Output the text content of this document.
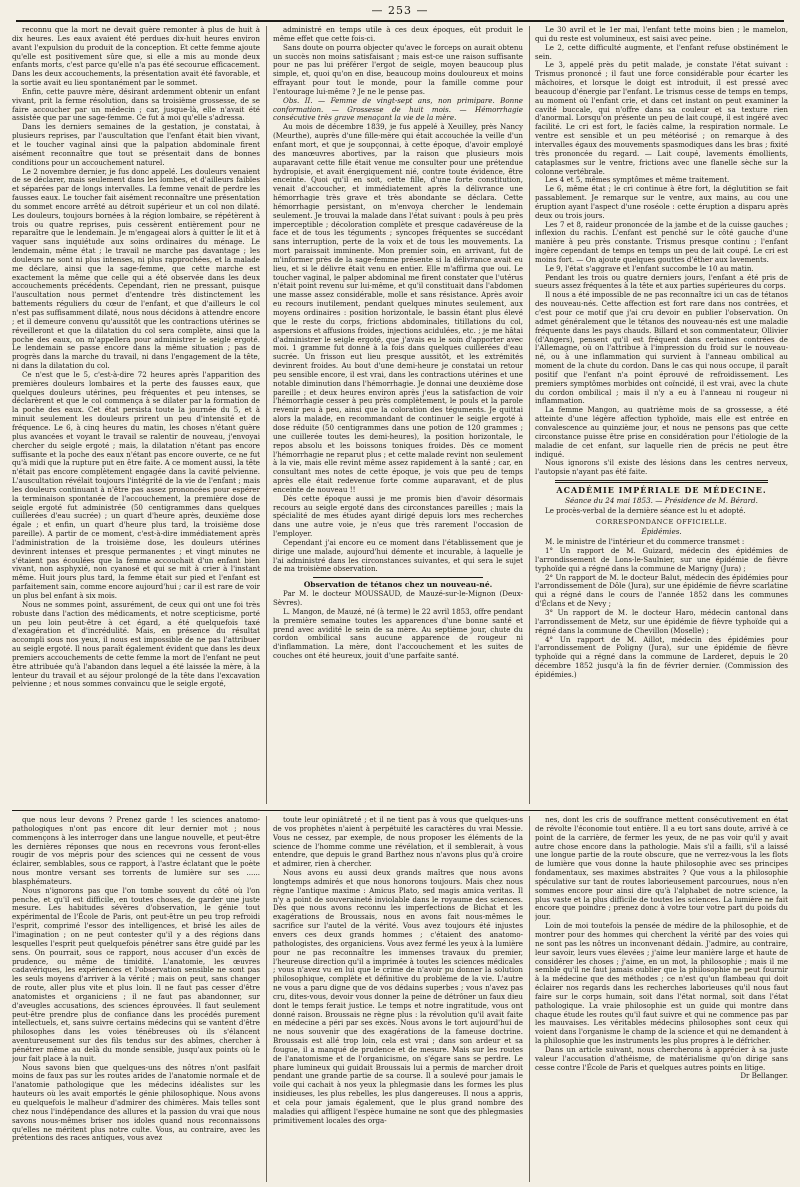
— 253 —

reconnu que la mort ne devait guère remonter à plus de huit à dix heures. Les eaux avaient été perdues dix-huit heures environ avant l'expulsion du produit de la conception. Et cette femme ajoute qu'elle est positivement sûre que, si elle a mis au monde deux enfants morts, c'est parce qu'elle n'a pas été secourue efficacement. Dans les deux accouchements, la présentation avait été favorable, et la sortie avait eu lieu spontanément par le sommet.

Enfin, cette pauvre mère, désirant ardemment obtenir un enfant vivant, prit la ferme résolution, dans sa troisième grossesse, de se faire accoucher par un médecin ; car, jusque-là, elle n'avait été assistée que par une sage-femme. Ce fut à moi qu'elle s'adressa.

Dans les derniers semaines de la gestation, je constatai, à plusieurs reprises, par l'auscultation que l'enfant était bien vivant, et le toucher vaginal ainsi que la palpation abdominale firent aisément reconnaître que tout se présentait dans de bonnes conditions pour un accouchement naturel.

Le 2 novembre dernier, je fus donc appelé. Les douleurs venaient de se déclarer, mais seulement dans les lombes, et d'ailleurs faibles et séparées par de longs intervalles. La femme venait de perdre les fausses eaux. Le toucher fait aisément reconnaître une présentation du sommet encore arrêté au détroit supérieur et un col non dilaté. Les douleurs, toujours bornées à la région lombaire, se répétèrent à trois ou quatre reprises, puis cessèrent entièrement pour ne reparaître que le lendemain. Je m'engageai alors à quitter le lit et à vaquer sans inquiétude aux soins ordinaires du ménage. Le lendemain, même état ; le travail ne marche pas davantage ; les douleurs ne sont ni plus intenses, ni plus rapprochées, et la malade me déclare, ainsi que la sage-femme, que cette marche est exactement la même que celle qui a été observée dans les deux accouchements précédents. Cependant, rien ne pressant, puisque l'auscultation nous permet d'entendre très distinctement les battements réguliers du cœur de l'enfant, et que d'ailleurs le col n'est pas suffisamment dilaté, nous nous décidons à attendre encore ; et il demeure convenu qu'aussitôt que les contractions utérines se réveilleront et que la dilatation du col sera complète, ainsi que la poche des eaux, on m'appellera pour administrer le seigle ergoté. Le lendemain se passe encore dans la même situation ; pas de progrès dans la marche du travail, ni dans l'engagement de la tête, ni dans la dilatation du col.

Ce n'est que le 5, c'est-à-dire 72 heures après l'apparition des premières douleurs lombaires et la perte des fausses eaux, que quelques douleurs utérines, peu fréquentes et peu intenses, se déclarèrent et que le col commença à se dilater par la formation de la poche des eaux. Cet état persista toute la journée du 5, et à minuit seulement les douleurs prirent un peu d'intensité et de fréquence. Le 6, à cinq heures du matin, les choses n'étant guère plus avancées et voyant le travail se ralentir de nouveau, j'envoyai chercher du seigle ergoté ; mais, la dilatation n'étant pas encore suffisante et la poche des eaux n'étant pas encore ouverte, ce ne fut qu'à midi que la rupture put en être faite. A ce moment aussi, la tête n'était pas encore complètement engagée dans la cavité pelvienne. L'auscultation révélait toujours l'intégrité de la vie de l'enfant ; mais les douleurs continuant à n'être pas assez prononcées pour espérer la terminaison spontanée de l'accouchement, la première dose de seigle ergoté fut administrée (50 centigrammes dans quelques cuillerées d'eau sucrée) ; un quart d'heure après, deuxième dose égale ; et enfin, un quart d'heure plus tard, la troisième dose pareille). A partir de ce moment, c'est-à-dire immédiatement après l'administration de la troisième dose, les douleurs utérines devinrent intenses et presque permanentes ; et vingt minutes ne s'étaient pas écoulées que la femme accouchait d'un enfant bien vivant, non asphyxié, non cyanosé et qui se mit à crier à l'instant même. Huit jours plus tard, la femme était sur pied et l'enfant est parfaitement sain, comme encore aujourd'hui ; car il est rare de voir un plus bel enfant à six mois.

Nous ne sommes point, assurément, de ceux qui ont une foi très robuste dans l'action des médicaments, et notre scepticisme, porté un peu loin peut-être à cet égard, a été quelquefois taxé d'exagération et d'incrédulité. Mais, en présence du résultat accompli sous nos yeux, il nous est impossible de ne pas l'attribuer au seigle ergoté. Il nous paraît également évident que dans les deux premiers accouchements de cette femme la mort de l'enfant ne peut être attribuée qu'à l'abandon dans lequel a été laissée la mère, à la lenteur du travail et au séjour prolongé de la tête dans l'excavation pelvienne ; et nous sommes convaincu que le seigle ergoté,

administré en temps utile à ces deux époques, eût produit le même effet que cette fois-ci.

Sans doute on pourra objecter qu'avec le forceps on aurait obtenu un succès non moins satisfaisant ; mais est-ce une raison suffisante pour ne pas lui préférer l'ergot de seigle, moyen beaucoup plus simple, et, quoi qu'on en dise, beaucoup moins douloureux et moins effrayant pour tout le monde, pour la famille comme pour l'entourage lui-même ? Je ne le pense pas.

Obs. II. — Femme de vingt-sept ans, non primipare. Bonne conformation. — Grossesse de huit mois. — Hémorrhagie consécutive très grave menaçant la vie de la mère.

Au mois de décembre 1839, je fus appelé à Xeuilley, près Nancy (Meurthe), auprès d'une fille-mère qui était accouchée la veille d'un enfant mort, et que je soupçonnai, à cette époque, d'avoir employé des manœuvres abortives, par la raison que plusieurs mois auparavant cette fille était venue me consulter pour une prétendue hydropisie, et avait énergiquement nié, contre toute évidence, être enceinte. Quoi qu'il en soit, cette fille, d'une forte constitution, venait d'accoucher, et immédiatement après la délivrance une hémorrhagie très grave et très abondante se déclara. Cette hémorrhagie persistant, on m'envoya chercher le lendemain seulement. Je trouvai la malade dans l'état suivant : pouls à peu près imperceptible ; décoloration complète et presque cadavéreuse de la face et de tous les téguments ; syncopes fréquentes se succédant sans interruption, perte de la voix et de tous les mouvements. La mort paraissait imminente. Mon premier soin, en arrivant, fut de m'informer près de la sage-femme présente si la délivrance avait eu lieu, et si le délivre était venu en entier. Elle m'affirma que oui. Le toucher vaginal, le palper abdominal me firent constater que l'utérus n'était point revenu sur lui-même, et qu'il constituait dans l'abdomen une masse assez considérable, molle et sans résistance. Après avoir eu recours inutilement, pendant quelques minutes seulement, aux moyens ordinaires : position horizontale, le bassin étant plus élevé que le reste du corps, frictions abdominales, titillations du col, aspersions et affusions froides, injections acidulées, etc. ; je me hâtai d'administrer le seigle ergoté, que j'avais eu le soin d'apporter avec moi. 1 gramme fut donné à la fois dans quelques cuillerées d'eau sucrée. Un frisson eut lieu presque aussitôt, et les extrémités devinrent froides. Au bout d'une demi-heure je constatai un retour peu sensible encore, il est vrai, dans les contractions utérines et une notable diminution dans l'hémorrhagie. Je donnai une deuxième dose pareille ; et deux heures environ après j'eus la satisfaction de voir l'hémorrhagie cesser à peu près complètement, le pouls et la parole revenir peu à peu, ainsi que la coloration des téguments. Je quittai alors la malade, en recommandant de continuer le seigle ergoté à dose réduite (50 centigrammes dans une potion de 120 grammes ; une cuillerée toutes les demi-heures), la position horizontale, le repos absolu et les boissons toniques froides. Dès ce moment l'hémorrhagie ne reparut plus ; et cette malade revint non seulement à la vie, mais elle revint même assez rapidement à la santé ; car, en consultant mes notes de cette époque, je vois que peu de temps après elle était redevenue forte comme auparavant, et de plus enceinte de nouveau !!

Dès cette époque aussi je me promis bien d'avoir désormais recours au seigle ergoté dans des circonstances pareilles ; mais la spécialité de mes études ayant dirigé depuis lors mes recherches dans une autre voie, je n'eus que très rarement l'occasion de l'employer.

Cependant j'ai encore eu ce moment dans l'établissement que je dirige une malade, aujourd'hui démente et incurable, à laquelle je l'ai administré dans les circonstances suivantes, et qui sera le sujet de ma troisième observation.

Observation de tétanos chez un nouveau-né.

Par M. le docteur MOUSSAUD, de Mauzé-sur-le-Mignon (Deux-Sèvres).

L. Mangon, de Mauzé, né (à terme) le 22 avril 1853, offre pendant la première semaine toutes les apparences d'une bonne santé et prend avec avidité le sein de sa mère. Au septième jour, chute du cordon ombilical sans aucune apparence de rougeur ni d'inflammation. La mère, dont l'accouchement et les suites de couches ont été heureux, jouit d'une parfaite santé.

Le 30 avril et le 1er mai, l'enfant tette moins bien ; le mamelon, qui du reste est volumineux, est saisi avec peine.

Le 2, cette difficulté augmente, et l'enfant refuse obstinément le sein.

Le 3, appelé près du petit malade, je constate l'état suivant : Trismus prononcé ; il faut une force considérable pour écarter les mâchoires, et lorsque le doigt est introduit, il est pressé avec beaucoup d'énergie par l'enfant. Le trismus cesse de temps en temps, au moment où l'enfant crie, et dans cet instant on peut examiner la cavité buccale, qui n'offre dans sa couleur et sa texture rien d'anormal. Lorsqu'on présente un peu de lait coupé, il est ingéré avec facilité. Le cri est fort, le faciès calme, la respiration normale. Le ventre est sensible et un peu météorisé ; on remarque à des intervalles égaux des mouvements spasmodiques dans les bras ; fixité très prononcée du regard. — Lait coupé, lavements émollients, cataplasmes sur le ventre, frictions avec une flanelle sèche sur la colonne vertébrale.

Les 4 et 5, mêmes symptômes et même traitement.

Le 6, même état ; le cri continue à être fort, la déglutition se fait passablement. Je remarque sur le ventre, aux mains, au cou une éruption ayant l'aspect d'une roséole : cette éruption a disparu après deux ou trois jours.

Les 7 et 8, raideur prononcée de la jambe et de la cuisse gauches ; inflexion du rachis. L'enfant est penché sur le côté gauche d'une manière à peu près constante. Trismus presque continu ; l'enfant ingère cependant de temps en temps un peu de lait coupé. Le cri est moins fort. — On ajoute quelques gouttes d'éther aux lavements.

Le 9, l'état s'aggrave et l'enfant succombe le 10 au matin.

Pendant les trois ou quatre derniers jours, l'enfant a été pris de sueurs assez fréquentes à la tête et aux parties supérieures du corps.

Il nous a été impossible de ne pas reconnaître ici un cas de tétanos des nouveau-nés. Cette affection est fort rare dans nos contrées, et c'est pour ce motif que j'ai cru devoir en publier l'observation. On admet généralement que le tétanos des nouveau-nés est une maladie fréquente dans les pays chauds. Billard et son commentateur, Ollivier (d'Angers), pensent qu'il est fréquent dans certaines contrées de l'Allemagne, où on l'attribue à l'impression du froid sur le nouveau-né, ou à une inflammation qui survient à l'anneau ombilical au moment de la chute du cordon. Dans le cas qui nous occupe, il paraît positif que l'enfant n'a point éprouvé de refroidissement. Les premiers symptômes morbides ont coïncidé, il est vrai, avec la chute du cordon ombilical ; mais il n'y a eu à l'anneau ni rougeur ni inflammation.

La femme Mangon, au quatrième mois de sa grossesse, a été atteinte d'une légère affection typhoïde, mais elle est entrée en convalescence au quinzième jour, et nous ne pensons pas que cette circonstance puisse être prise en considération pour l'étiologie de la maladie de cet enfant, sur laquelle rien de précis ne peut être indiqué.

Nous ignorons s'il existe des lésions dans les centres nerveux, l'autopsie n'ayant pas été faite.

ACADÉMIE IMPÉRIALE DE MÉDECINE.
Séance du 24 mai 1853. — Présidence de M. Bérard.

Le procès-verbal de la dernière séance est lu et adopté.

CORRESPONDANCE OFFICIELLE.
Épidémies.

M. le ministre de l'intérieur et du commerce transmet :

1° Un rapport de M. Guizard, médecin des épidémies de l'arrondissement de Lons-le-Saulnier, sur une épidémie de fièvre typhoïde qui a régné dans la commune de Marigny (Jura) ;

2° Un rapport de M. le docteur Balut, médecin des épidémies pour l'arrondissement de Dôle (Jura), sur une épidémie de fièvre scarlatine qui a régné dans le cours de l'année 1852 dans les communes d'Éclans et de Nevy ;

3° Un rapport de M. le docteur Haro, médecin cantonal dans l'arrondissement de Metz, sur une épidémie de fièvre typhoïde qui a régné dans la commune de Chevillon (Moselle) ;

4° Un rapport de M. Aillot, médecin des épidémies pour l'arrondissement de Poligny (Jura), sur une épidémie de fièvre typhoïde qui a régné dans la commune de Larderet, depuis le 20 décembre 1852 jusqu'à la fin de février dernier. (Commission des épidémies.)

que nous leur devons ? Prenez garde ! les sciences anatomo-pathologiques n'ont pas encore dit leur dernier mot ; nous commençons à les interroger dans une langue nouvelle, et peut-être les dernières réponses que nous en recevrons vous feront-elles rougir de vos mépris pour des sciences qui ne cessent de vous éclairer, semblables, sous ce rapport, à l'astre éclatant que le poète nous montre versant ses torrents de lumière sur ses ...... blasphémateurs.

Nous n'ignorons pas que l'on tombe souvent du côté où l'on penche, et qu'il est difficile, en toutes choses, de garder une juste mesure. Les habitudes sévères d'observation, le génie tout expérimental de l'École de Paris, ont peut-être un peu trop refroidi l'esprit, comprimé l'essor des intelligences, et brisé les ailes de l'imagination ; on ne peut contester qu'il y a des régions dans lesquelles l'esprit peut quelquefois pénétrer sans être guidé par les sens. On pourrait, sous ce rapport, nous accuser d'un excès de prudence, ou même de timidité. L'anatomie, les œuvres cadavériques, les expériences et l'observation sensible ne sont pas les seuls moyens d'arriver à la vérité ; mais on peut, sans changer de route, aller plus vite et plus loin. Il ne faut pas cesser d'être anatomistes et organiciens ; il ne faut pas abandonner, sur d'aveugles accusations, des sciences éprouvées. Il faut seulement peut-être prendre plus de confiance dans les procédés purement intellectuels, et, sans suivre certains médecins qui se vantent d'être philosophes dans les voies ténébreuses où ils s'élancent aventureusement sur des fils tendus sur des abîmes, chercher à pénétrer même au delà du monde sensible, jusqu'aux points où le jour fait place à la nuit.

Nous savons bien que quelques-uns des nôtres n'ont paslfait moins de faux pas sur les routes arides de l'anatomie normale et de l'anatomie pathologique que les médecins idéalistes sur les hauteurs où les avait emportés le génie philosophique. Nous avons eu quelquefois le malheur d'admirer des chimères. Mais telles sont chez nous l'indépendance des allures et la passion du vrai que nous savons nous-mêmes briser nos idoles quand nous reconnaissons qu'elles ne méritent plus notre culte. Vous, au contraire, avec les prétentions des races antiques, vous avez

toute leur opiniâtreté ; et il ne tient pas à vous que quelques-uns de vos prophètes n'aient à perpétuité les caractères du vrai Messie. Vous ne cessez, par exemple, de nous proposer les éléments de la science de l'homme comme une révélation, et il semblerait, à vous entendre, que depuis le grand Barthez nous n'avons plus qu'à croire et admirer, rien à chercher.

Nous avons eu aussi deux grands maîtres que nous avons longtemps admirés et que nous honorons toujours. Mais chez nous règne l'antique maxime : Amicus Plato, sed magis amica veritas. Il n'y a point de souveraineté inviolable dans le royaume des sciences. Dès que nous avons reconnu les imperfections de Bichat et les exagérations de Broussais, nous en avons fait nous-mêmes le sacrifice sur l'autel de la vérité. Vous avez toujours été injustes envers ces deux grands hommes ; c'étaient des anatomo-pathologistes, des organiciens. Vous avez fermé les yeux à la lumière pour ne pas reconnaître les immenses travaux du premier, l'heureuse direction qu'il a imprimée à toutes les sciences médicales ; vous n'avez vu en lui que le crime de n'avoir pu donner la solution philosophique, complète et définitive du problème de la vie. L'autre ne vous a paru digne que de vos dédains superbes ; vous n'avez pas cru, dites-vous, devoir vous donner la peine de détrôner un faux dieu dont le temps ferait justice. Le temps et notre ingratitude, vous ont donné raison. Broussais ne règne plus : la révolution qu'il avait faite en médecine a péri par ses excès. Nous avons le tort aujourd'hui de ne nous souvenir que des exagérations de la fameuse doctrine. Broussais est allé trop loin, cela est vrai ; dans son ardeur et sa fougue, il a manqué de prudence et de mesure. Mais sur les routes de l'anatomisme et de l'organicisme, on s'égare sans se perdre. Le phare lumineux qui guidait Broussais lui a permis de marcher droit pendant une grande partie de sa course. Il a soulevé pour jamais le voile qui cachait à nos yeux la phlegmasie dans les formes les plus insidieuses, les plus rebelles, les plus dangereuses. Il nous a appris, et cela pour jamais également, que le plus grand nombre des maladies qui affligent l'espèce humaine ne sont que des phlegmasies primitivement locales des orga-

nes, dont les cris de souffrance mettent consécutivement en état de révolte l'économie tout entière. Il a eu tort sans doute, arrivé à ce point de la carrière, de fermer les yeux, de ne pas voir qu'il y avait autre chose encore dans la pathologie. Mais s'il a failli, s'il a laissé une longue partie de la route obscure, que ne verrez-vous la les flots de lumière que vous donne la haute philosophie avec ses principes fondamentaux, ses maximes abstraites ? Que vous a la philosophie spéculative sur tant de routes laborieusement parcourues, nous n'en sommes encore pour ainsi dire qu'à l'alphabet de notre science, la plus vaste et la plus difficile de toutes les sciences. La lumière ne fait encore que poindre ; prenez donc à votre tour votre part du poids du jour.

Loin de moi toutefois la pensée de médire de la philosophie, et de montrer pour des hommes qui cherchent la vérité par des voies qui ne sont pas les nôtres un inconvenant dédain. J'admire, au contraire, leur savoir, leurs vues élevées ; j'aime leur manière large et haute de considérer les choses ; j'aime, en un mot, la philosophie ; mais il me semble qu'il ne faut jamais oublier que la philosophie ne peut fournir à la médecine que des méthodes ; ce n'est qu'un flambeau qui doit éclairer nos regards dans les recherches laborieuses qu'il nous faut faire sur le corps humain, soit dans l'état normal, soit dans l'état pathologique. La vraie philosophie est un guide qui montre dans chaque étude les routes qu'il faut suivre et qui ne commence pas par les mauvaises. Les véritables médecins philosophes sont ceux qui voient dans l'organisme le champ de la science et qui ne demandent à la philosophie que les instruments les plus propres à le défricher.

Dans un article suivant, nous chercherons à apprécier à sa juste valeur l'accusation d'athéisme, de matérialisme qu'on dirige sans cesse contre l'École de Paris et quelques autres points en litige.

Dr Bellanger.
